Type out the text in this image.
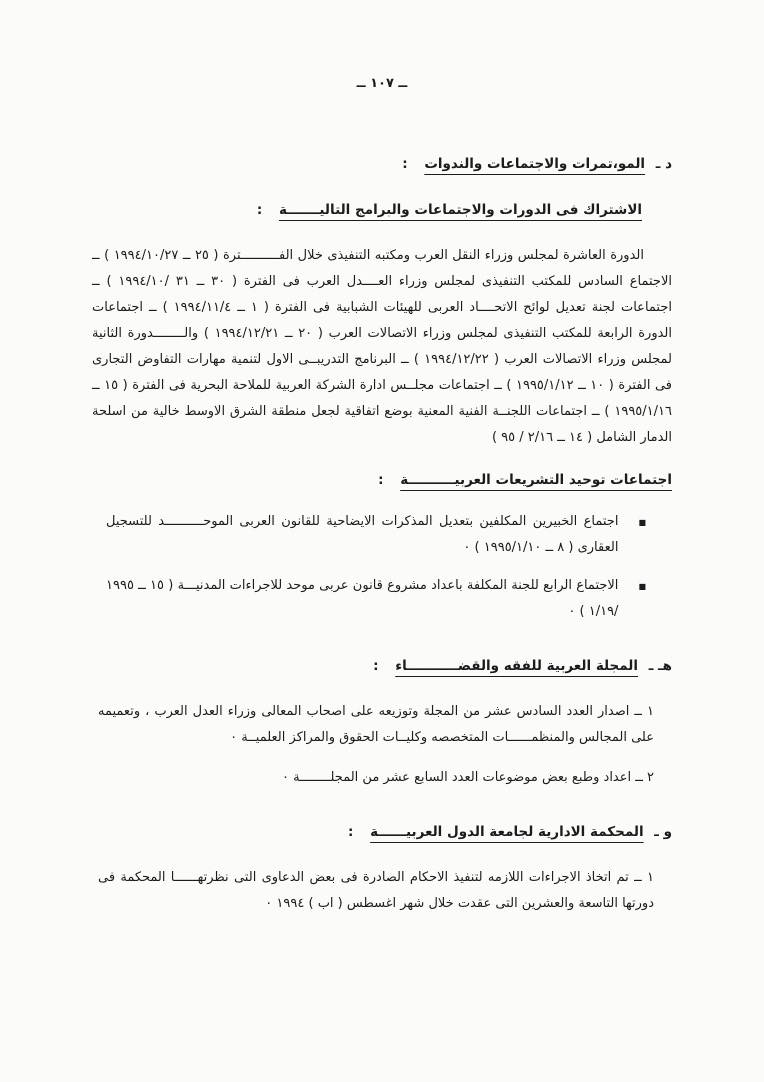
ــ ١٠٧ ــ
د ـ المو،تمرات والاجتماعات والندوات :
الاشتراك فى الدورات والاجتماعات والبرامج التاليـــــــة :

الدورة العاشرة لمجلس وزراء النقل العرب ومكتبه التنفيذى خلال الفــــــــــترة ( ٢٥ ــ ١٩٩٤/١٠/٢٧ ) ــ الاجتماع السادس للمكتب التنفيذى لمجلس وزراء العــــدل العرب فى الفترة ( ٣٠ ــ ٣١ /١٩٩٤/١٠ ) ــ اجتماعات لجنة تعديل لوائح الاتحــــاد العربى للهيئات الشبابية فى الفترة ( ١ ــ ١٩٩٤/١١/٤ ) ــ اجتماعات الدورة الرابعة للمكتب التنفيذى لمجلس وزراء الاتصالات العرب ( ٢٠ ــ ١٩٩٤/١٢/٢١ ) والــــــــدورة الثانية لمجلس وزراء الاتصالات العرب ( ١٩٩٤/١٢/٢٢ ) ــ البرنامج التدريبــى الاول لتنمية مهارات التفاوض التجارى فى الفترة ( ١٠ ــ ١٩٩٥/١/١٢ ) ــ اجتماعات مجلــس ادارة الشركة العربية للملاحة البحرية فى الفترة ( ١٥ ــ ١٩٩٥/١/١٦ ) ــ اجتماعات اللجنــة الفنية المعنية بوضع اتفاقية لجعل منطقة الشرق الاوسط خالية من اسلحة الدمار الشامل ( ١٤ ــ ٢/١٦ / ٩٥ )

اجتماعات توحيد التشريعات العربيــــــــــة :
■

اجتماع الخبيرين المكلفين بتعديل المذكرات الايضاحية للقانون العربى الموحــــــــــد للتسجيل العقارى ( ٨ ــ ١٩٩٥/١/١٠ ) ٠

■

الاجتماع الرابع للجنة المكلفة باعداد مشروع قانون عربى موحد للاجراءات المدنيـــة ( ١٥ ــ ١٩٩٥ /١/١٩ ) ٠

هـ ـ المجلة العربية للفقه والقضـــــــــــاء :

١ ــ اصدار العدد السادس عشر من المجلة وتوزيعه على اصحاب المعالى وزراء العدل العرب ، وتعميمه على المجالس والمنظمــــــات المتخصصه وكليــات الحقوق والمراكز العلميــة ٠

٢ ــ اعداد وطبع بعض موضوعات العدد السابع عشر من المجلــــــــة ٠

و ـ المحكمة الادارية لجامعة الدول العربيــــــة :

١ ــ تم اتخاذ الاجراءات اللازمه لتنفيذ الاحكام الصادرة فى بعض الدعاوى التى نظرتهــــــا المحكمة فى دورتها التاسعة والعشرين التى عقدت خلال شهر اغسطس ( اب ) ١٩٩٤ ٠
